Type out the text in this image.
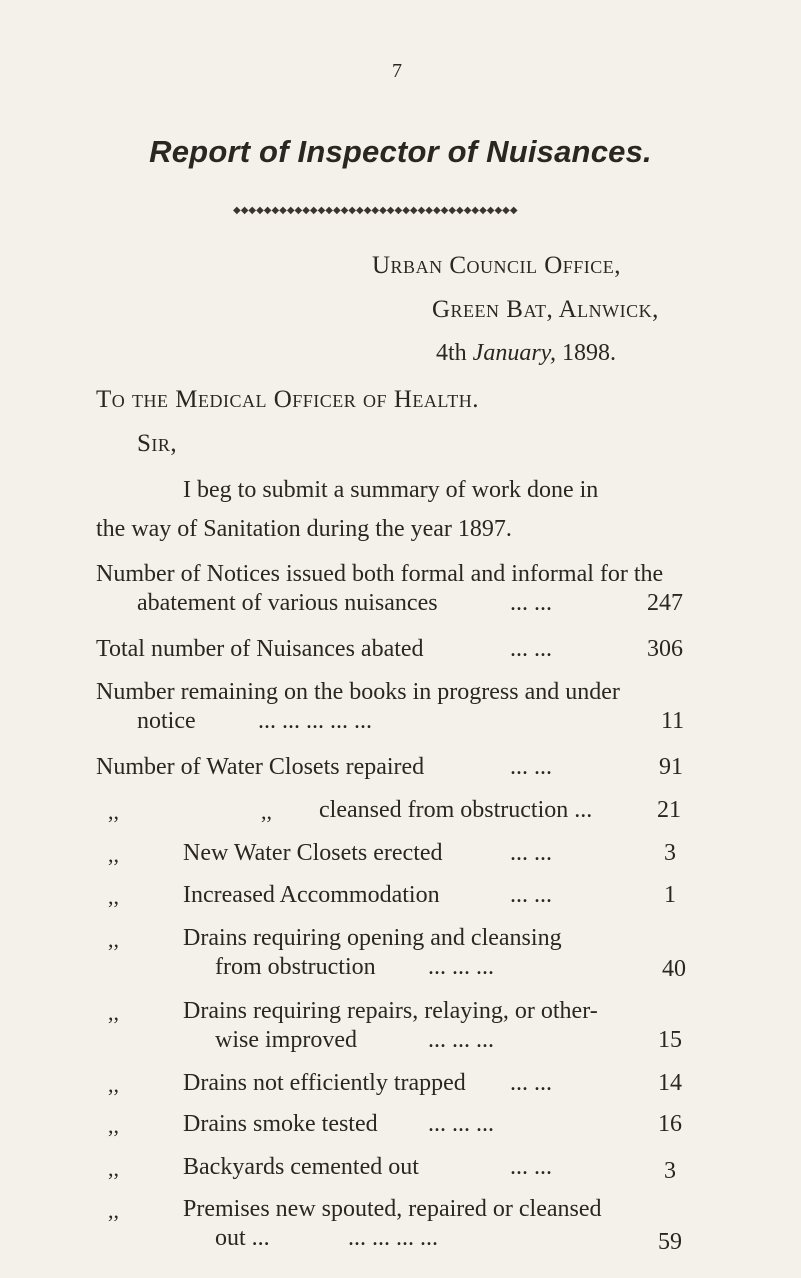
7
Report of Inspector of Nuisances.
◆◆◆◆◆◆◆◆◆◆◆◆◆◆◆◆◆◆◆◆◆◆◆◆◆◆◆◆◆◆◆◆◆◆◆◆◆
Urban Council Office,
Green Bat, Alnwick,
4th January, 1898.
To the Medical Officer of Health.
Sir,
I beg to submit a summary of work done in
the way of Sanitation during the year 1897.
Number of Notices issued both formal and informal for the
abatement of various nuisances	... ...	247
Total number of Nuisances abated	... ...	306
Number remaining on the books in progress and under
notice	... ... ... ... ...	11
Number of Water Closets repaired	... ...	91
,,	,, cleansed from obstruction ...	21
,,	New Water Closets erected	... ...	3
,,	Increased Accommodation	... ...	1
,,	Drains requiring opening and cleansing
from obstruction ... ... ...	40
,,	Drains requiring repairs, relaying, or other-
wise improved	... ... ...	15
,,	Drains not efficiently trapped ... ...	14
,,	Drains smoke tested ... ... ...	16
,,	Backyards cemented out	... ...	3
,,	Premises new spouted, repaired or cleansed
out ...	... ... ... ...	59
